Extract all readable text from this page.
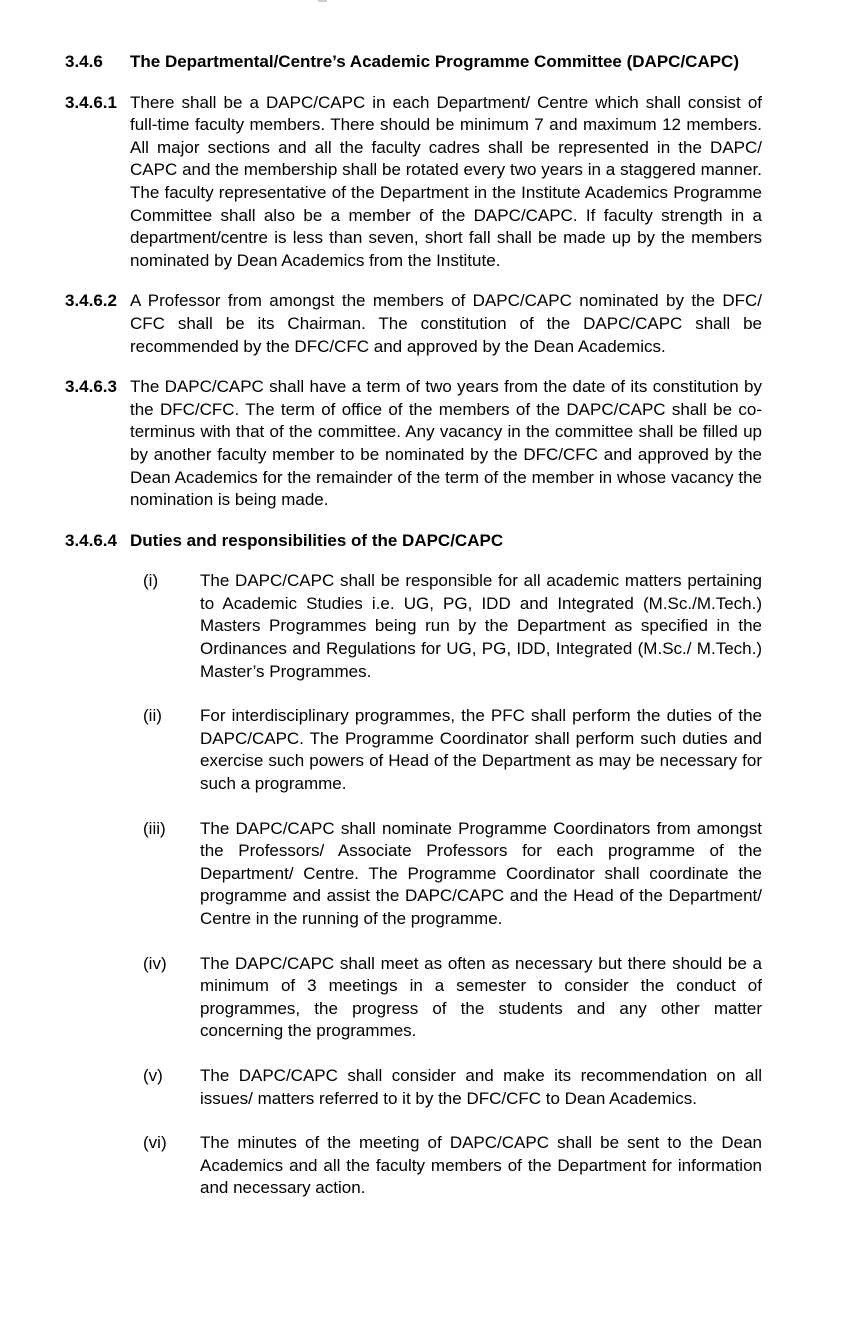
3.4.6	The Departmental/​Centre’s Academic Programme Committee (DAPC/​CAPC)
3.4.6.1 There shall be a DAPC/​CAPC in each Department/​ Centre which shall consist of full-time faculty members. There should be minimum 7 and maximum 12 members. All major sections and all the faculty cadres shall be represented in the DAPC/​CAPC and the membership shall be rotated every two years in a staggered manner. The faculty representative of the Department in the Institute Academics Programme Committee shall also be a member of the DAPC/​CAPC. If faculty strength in a department/​centre is less than seven, short fall shall be made up by the members nominated by Dean Academics from the Institute.
3.4.6.2 A Professor from amongst the members of DAPC/​CAPC nominated by the DFC/​CFC shall be its Chairman. The constitution of the DAPC/​CAPC shall be recommended by the DFC/​CFC and approved by the Dean Academics.
3.4.6.3 The DAPC/​CAPC shall have a term of two years from the date of its constitution by the DFC/​CFC. The term of office of the members of the DAPC/​CAPC shall be co-terminus with that of the committee. Any vacancy in the committee shall be filled up by another faculty member to be nominated by the DFC/​CFC and approved by the Dean Academics for the remainder of the term of the member in whose vacancy the nomination is being made.
3.4.6.4 Duties and responsibilities of the DAPC/​CAPC
(i)	The DAPC/​CAPC shall be responsible for all academic matters pertaining to Academic Studies i.e. UG, PG, IDD and Integrated (M.Sc./​M.Tech.) Masters Programmes being run by the Department as specified in the Ordinances and Regulations for UG, PG, IDD, Integrated (M.Sc./​ M.Tech.) Master’s Programmes.
(ii)	For interdisciplinary programmes, the PFC shall perform the duties of the DAPC/​CAPC. The Programme Coordinator shall perform such duties and exercise such powers of Head of the Department as may be necessary for such a programme.
(iii)	The DAPC/​CAPC shall nominate Programme Coordinators from amongst the Professors/​ Associate Professors for each programme of the Department/​ Centre. The Programme Coordinator shall coordinate the programme and assist the DAPC/​CAPC and the Head of the Department/​ Centre in the running of the programme.
(iv)	The DAPC/​CAPC shall meet as often as necessary but there should be a minimum of 3 meetings in a semester to consider the conduct of programmes, the progress of the students and any other matter concerning the programmes.
(v)	The DAPC/​CAPC shall consider and make its recommendation on all issues/​ matters referred to it by the DFC/​CFC to Dean Academics.
(vi)	The minutes of the meeting of DAPC/​CAPC shall be sent to the Dean Academics and all the faculty members of the Department for information and necessary action.
